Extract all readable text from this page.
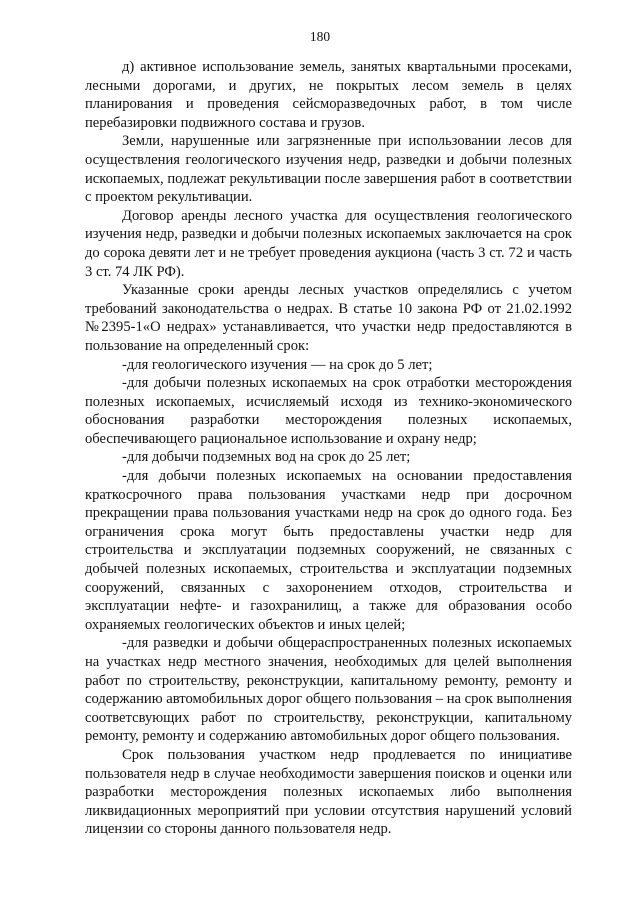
180

д) активное использование земель, занятых квартальными просеками, лесными дорогами, и других, не покрытых лесом земель в целях планирования и проведения сейсморазведочных работ, в том числе перебазировки подвижного состава и грузов.

Земли, нарушенные или загрязненные при использовании лесов для осуществления геологического изучения недр, разведки и добычи полезных ископаемых, подлежат рекультивации после завершения работ в соответствии с проектом рекультивации.

Договор аренды лесного участка для осуществления геологического изучения недр, разведки и добычи полезных ископаемых заключается на срок до сорока девяти лет и не требует проведения аукциона (часть 3 ст. 72 и часть 3 ст. 74 ЛК РФ).

Указанные сроки аренды лесных участков определялись с учетом требований законодательства о недрах. В статье 10 закона РФ от 21.02.1992 №2395-1«О недрах» устанавливается, что участки недр предоставляются в пользование на определенный срок:

-для геологического изучения — на срок до 5 лет;

-для добычи полезных ископаемых на срок отработки месторождения полезных ископаемых, исчисляемый исходя из технико-экономического обоснования разработки месторождения полезных ископаемых, обеспечивающего рациональное использование и охрану недр;

-для добычи подземных вод на срок до 25 лет;

-для добычи полезных ископаемых на основании предоставления краткосрочного права пользования участками недр при досрочном прекращении права пользования участками недр на срок до одного года. Без ограничения срока могут быть предоставлены участки недр для строительства и эксплуатации подземных сооружений, не связанных с добычей полезных ископаемых, строительства и эксплуатации подземных сооружений, связанных с захоронением отходов, строительства и эксплуатации нефте- и газохранилищ, а также для образования особо охраняемых геологических объектов и иных целей;

-для разведки и добычи общераспространенных полезных ископаемых на участках недр местного значения, необходимых для целей выполнения работ по строительству, реконструкции, капитальному ремонту, ремонту и содержанию автомобильных дорог общего пользования – на срок выполнения соответсвующих работ по строительству, реконструкции, капитальному ремонту, ремонту и содержанию автомобильных дорог общего пользования.

Срок пользования участком недр продлевается по инициативе пользователя недр в случае необходимости завершения поисков и оценки или разработки месторождения полезных ископаемых либо выполнения ликвидационных мероприятий при условии отсутствия нарушений условий лицензии со стороны данного пользователя недр.
